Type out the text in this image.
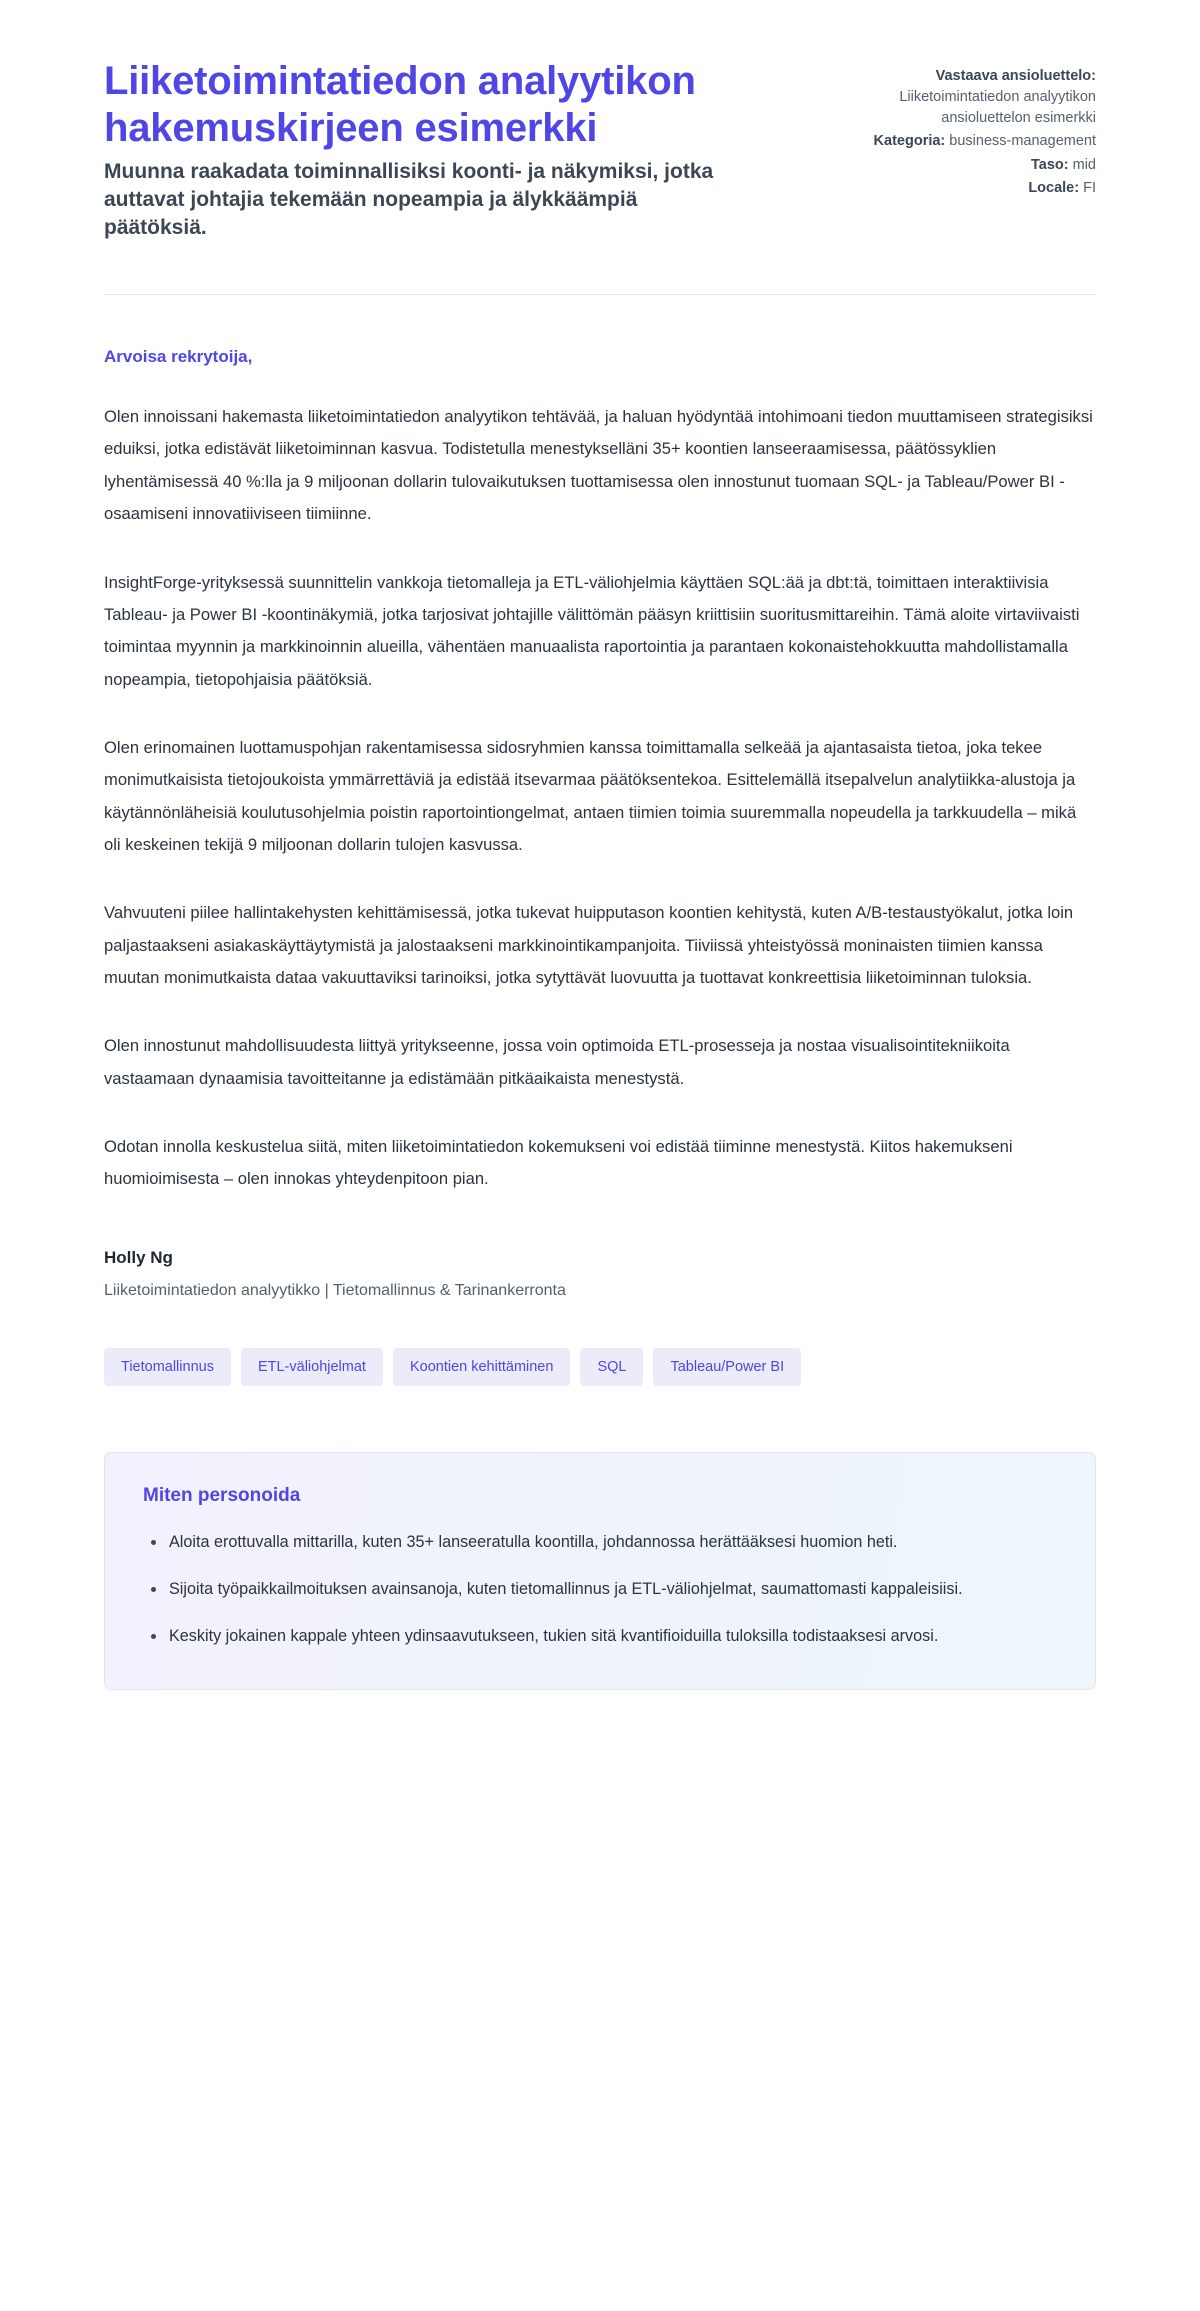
Liiketoimintatiedon analyytikon hakemuskirjeen esimerkki

Muunna raakadata toiminnallisiksi koonti- ja näkymiksi, jotka auttavat johtajia tekemään nopeampia ja älykkäämpiä päätöksiä.

Vastaava ansioluettelo: Liiketoimintatiedon analyytikon ansioluettelon esimerkki
Kategoria: business-management
Taso: mid
Locale: FI

Arvoisa rekrytoija,

Olen innoissani hakemasta liiketoimintatiedon analyytikon tehtävää, ja haluan hyödyntää intohimoani tiedon muuttamiseen strategisiksi eduiksi, jotka edistävät liiketoiminnan kasvua. Todistetulla menestykselläni 35+ koontien lanseeraamisessa, päätössyklien lyhentämisessä 40 %:lla ja 9 miljoonan dollarin tulovaikutuksen tuottamisessa olen innostunut tuomaan SQL- ja Tableau/Power BI -osaamiseni innovatiiviseen tiimiinne.

InsightForge-yrityksessä suunnittelin vankkoja tietomalleja ja ETL-väliohjelmia käyttäen SQL:ää ja dbt:tä, toimittaen interaktiivisia Tableau- ja Power BI -koontinäkymiä, jotka tarjosivat johtajille välittömän pääsyn kriittisiin suoritusmittareihin. Tämä aloite virtaviivaisti toimintaa myynnin ja markkinoinnin alueilla, vähentäen manuaalista raportointia ja parantaen kokonaistehokkuutta mahdollistamalla nopeampia, tietopohjaisia päätöksiä.

Olen erinomainen luottamuspohjan rakentamisessa sidosryhmien kanssa toimittamalla selkeää ja ajantasaista tietoa, joka tekee monimutkaisista tietojoukoista ymmärrettäviä ja edistää itsevarmaa päätöksentekoa. Esittelemällä itsepalvelun analytiikka-alustoja ja käytännönläheisiä koulutusohjelmia poistin raportointiongelmat, antaen tiimien toimia suuremmalla nopeudella ja tarkkuudella – mikä oli keskeinen tekijä 9 miljoonan dollarin tulojen kasvussa.

Vahvuuteni piilee hallintakehysten kehittämisessä, jotka tukevat huipputason koontien kehitystä, kuten A/B-testaustyökalut, jotka loin paljastaakseni asiakaskäyttäytymistä ja jalostaakseni markkinointikampanjoita. Tiiviissä yhteistyössä moninaisten tiimien kanssa muutan monimutkaista dataa vakuuttaviksi tarinoiksi, jotka sytyttävät luovuutta ja tuottavat konkreettisia liiketoiminnan tuloksia.

Olen innostunut mahdollisuudesta liittyä yritykseenne, jossa voin optimoida ETL-prosesseja ja nostaa visualisointitekniikoita vastaamaan dynaamisia tavoitteitanne ja edistämään pitkäaikaista menestystä.

Odotan innolla keskustelua siitä, miten liiketoimintatiedon kokemukseni voi edistää tiiminne menestystä. Kiitos hakemukseni huomioimisesta – olen innokas yhteydenpitoon pian.

Holly Ng

Liiketoimintatiedon analyytikko | Tietomallinnus & Tarinankerronta

Tietomallinnus	ETL-väliohjelmat	Koontien kehittäminen	SQL	Tableau/Power BI
Miten personoida
Aloita erottuvalla mittarilla, kuten 35+ lanseeratulla koontilla, johdannossa herättääksesi huomion heti.
Sijoita työpaikkailmoituksen avainsanoja, kuten tietomallinnus ja ETL-väliohjelmat, saumattomasti kappaleisiisi.
Keskity jokainen kappale yhteen ydinsaavutukseen, tukien sitä kvantifioiduilla tuloksilla todistaaksesi arvosi.
